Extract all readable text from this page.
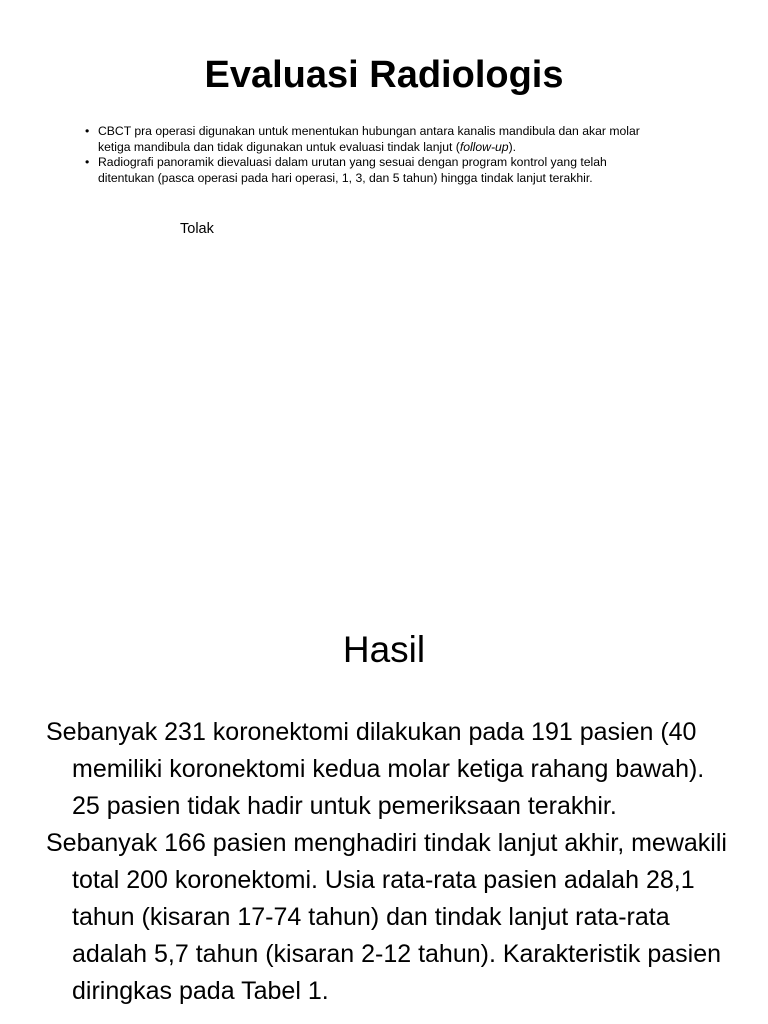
Evaluasi Radiologis
• CBCT pra operasi digunakan untuk menentukan hubungan antara kanalis mandibula dan akar molar ketiga mandibula dan tidak digunakan untuk evaluasi tindak lanjut (follow-up).
• Radiografi panoramik dievaluasi dalam urutan yang sesuai dengan program kontrol yang telah ditentukan (pasca operasi pada hari operasi, 1, 3, dan 5 tahun) hingga tindak lanjut terakhir.

Tolak

Hasil

Sebanyak 231 koronektomi dilakukan pada 191 pasien (40 memiliki koronektomi kedua molar ketiga rahang bawah). 25 pasien tidak hadir untuk pemeriksaan terakhir.

Sebanyak 166 pasien menghadiri tindak lanjut akhir, mewakili total 200 koronektomi. Usia rata-rata pasien adalah 28,1 tahun (kisaran 17-74 tahun) dan tindak lanjut rata-rata adalah 5,7 tahun (kisaran 2-12 tahun). Karakteristik pasien diringkas pada Tabel 1.
